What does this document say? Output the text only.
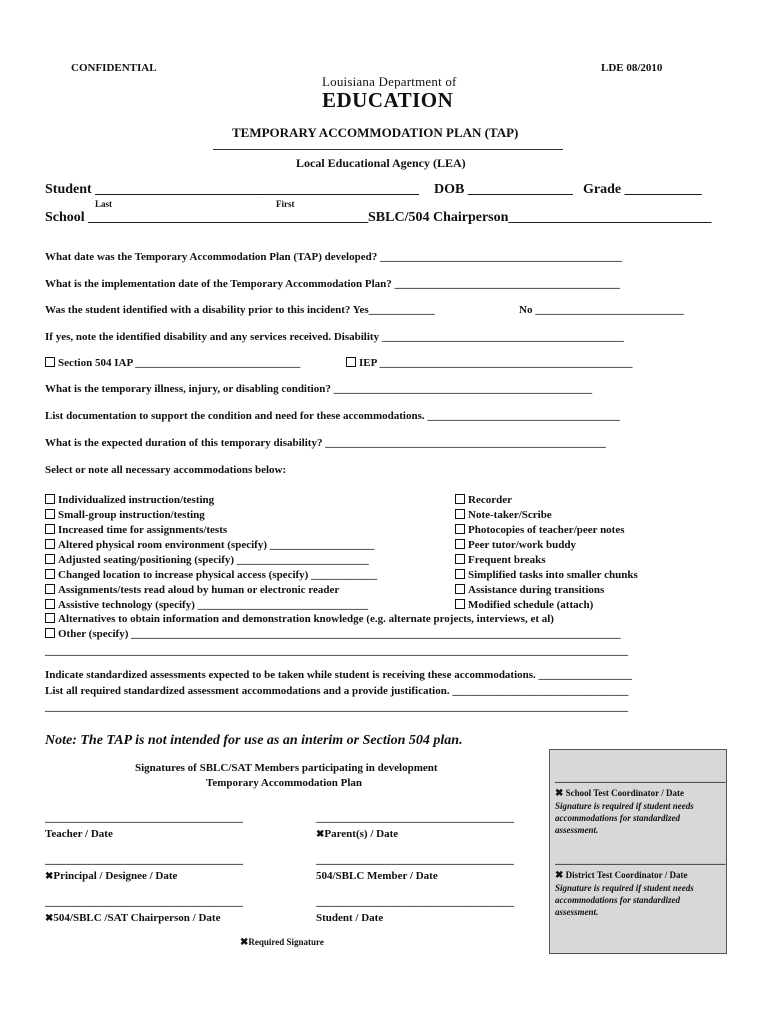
CONFIDENTIAL	LDE 08/2010
Louisiana Department of
EDUCATION
TEMPORARY ACCOMMODATION PLAN (TAP)
Local Educational Agency (LEA)
Student ________________________
_______________________ DOB _______________ Grade ___________
Last	First
School ________________________________________ SBLC/504 Chairperson_____________________________
What date was the Temporary Accommodation Plan (TAP) developed? ____________________________________________
What is the implementation date of the Temporary Accommodation Plan? _________________________________________
Was the student identified with a disability prior to this incident? Yes____________	No ___________________________
If yes, note the identified disability and any services received. Disability ____________________________________________
Section 504 IAP ______________________________	IEP ______________________________________________
What is the temporary illness, injury, or disabling condition? _______________________________________________
List documentation to support the condition and need for these accommodations. ___________________________________
What is the expected duration of this temporary disability? ___________________________________________________
Select or note all necessary accommodations below:
Individualized instruction/testing
Small-group instruction/testing
Increased time for assignments/tests
Altered physical room environment (specify) ___________________
Adjusted seating/positioning (specify) ________________________
Changed location to increase physical access (specify) ____________
Assignments/tests read aloud by human or electronic reader
Assistive technology (specify) _______________________________
Recorder
Note-taker/Scribe
Photocopies of teacher/peer notes
Peer tutor/work buddy
Frequent breaks
Simplified tasks into smaller chunks
Assistance during transitions
Modified schedule (attach)
Alternatives to obtain information and demonstration knowledge (e.g. alternate projects, interviews, et al)
Other (specify) _________________________________________________________________________________________
__________________________________________________________________________________________________________
Indicate standardized assessments expected to be taken while student is receiving these accommodations. _________________
List all required standardized assessment accommodations and a provide justification. ________________________________
__________________________________________________________________________________________________________
Note: The TAP is not intended for use as an interim or Section 504 plan.
Signatures of SBLC/SAT Members participating in development
Temporary Accommodation Plan
____________________________________
Teacher / Date
____________________________________
✖Parent(s) / Date
____________________________________
✖Principal / Designee / Date
____________________________________
504/SBLC Member / Date
____________________________________
✖504/SBLC /SAT Chairperson / Date
____________________________________
Student / Date
✖Required Signature
_______________________________
✖ School Test Coordinator / Date
Signature is required if student needs
accommodations for standardized
assessment.
_______________________________
✖ District Test Coordinator / Date
Signature is required if student needs
accommodations for standardized
assessment.
